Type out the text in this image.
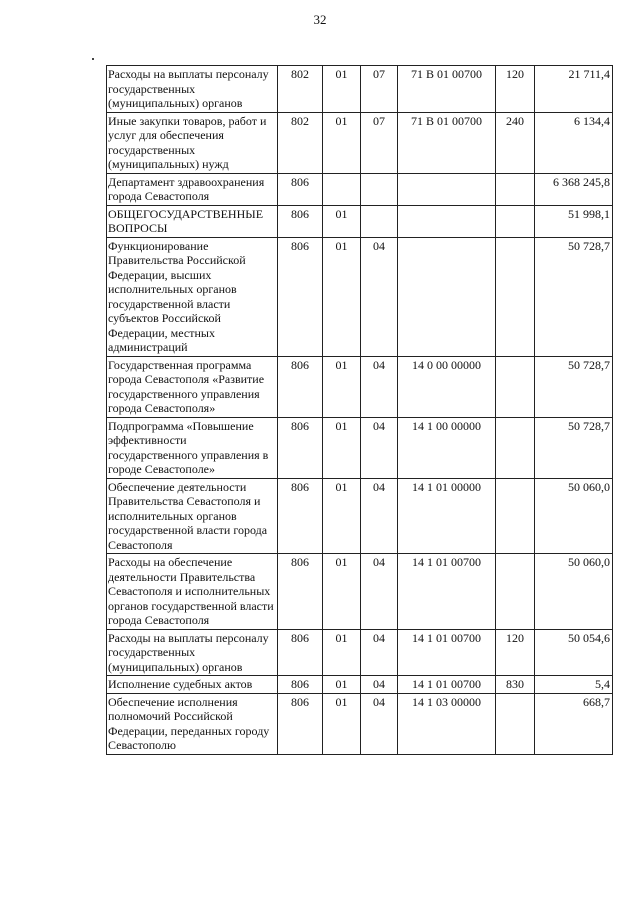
32
Расходы на выплаты персоналу государственных (муниципальных) органов	802	01	07	71 В 01 00700	120	21 711,4
Иные закупки товаров, работ и услуг для обеспечения государственных (муниципальных) нужд	802	01	07	71 В 01 00700	240	6 134,4
Департамент здравоохранения города Севастополя	806					6 368 245,8
ОБЩЕГОСУДАРСТВЕННЫЕ ВОПРОСЫ	806	01				51 998,1
Функционирование Правительства Российской Федерации, высших исполнительных органов государственной власти субъектов Российской Федерации, местных администраций	806	01	04			50 728,7
Государственная программа города Севастополя «Развитие государственного управления города Севастополя»	806	01	04	14 0 00 00000		50 728,7
Подпрограмма «Повышение эффективности государственного управления в городе Севастополе»	806	01	04	14 1 00 00000		50 728,7
Обеспечение деятельности Правительства Севастополя и исполнительных органов государственной власти города Севастополя	806	01	04	14 1 01 00000		50 060,0
Расходы на обеспечение деятельности Правительства Севастополя и исполнительных органов государственной власти города Севастополя	806	01	04	14 1 01 00700		50 060,0
Расходы на выплаты персоналу государственных (муниципальных) органов	806	01	04	14 1 01 00700	120	50 054,6
Исполнение судебных актов	806	01	04	14 1 01 00700	830	5,4
Обеспечение исполнения полномочий Российской Федерации, переданных городу Севастополю	806	01	04	14 1 03 00000		668,7
